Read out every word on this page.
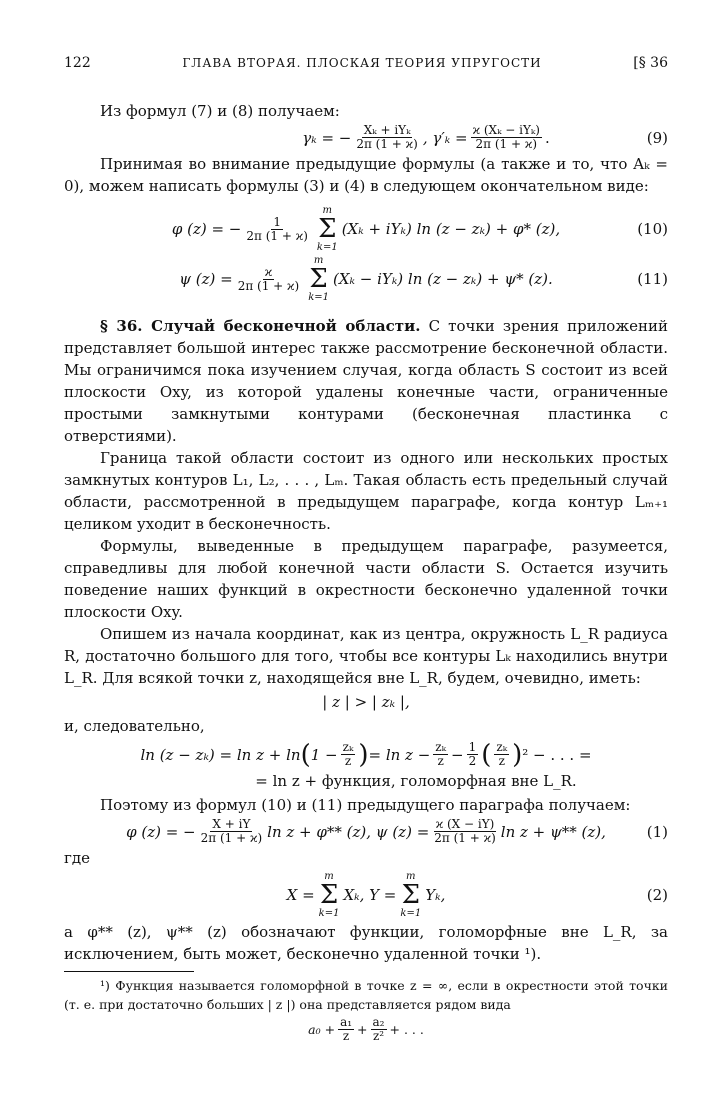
122	ГЛАВА ВТОРАЯ. ПЛОСКАЯ ТЕОРИЯ УПРУГОСТИ	[§ 36

Из формул (7) и (8) получаем:

γₖ = − $\frac{\text{Xₖ + iYₖ}}{2\pi (1 + ϰ)}$ , $\gamma'_k = \frac{\text{ϰ (Xₖ − iYₖ)}}{2\pi (1 + ϰ)}$ .	(9)

Принимая во внимание предыдущие формулы (а также и то, что Aₖ = 0), можем написать формулы (3) и (4) в следующем окончательном виде:

φ (z) = − $\frac{1}{2\pi (1 + ϰ)}$
m
Σ
k=1
(Xₖ + iYₖ) ln (z − zₖ) + φ* (z),	(10)
ψ $(z) = \frac{ϰ}{2\pi (1 + ϰ)}$
m
Σ
k=1
(Xₖ − iYₖ) ln (z − zₖ) + ψ* (z).	(11)

§ 36. Случай бесконечной области. С точки зрения приложений представляет большой интерес также рассмотрение бесконечной области. Мы ограничимся пока изучением случая, когда область S состоит из всей плоскости Oxy, из которой удалены конечные части, ограниченные простыми замкнутыми контурами (бесконечная пластинка с отверстиями).

Граница такой области состоит из одного или нескольких простых замкнутых контуров L₁, L₂, . . . , Lₘ. Такая область есть предельный случай области, рассмотренной в предыдущем параграфе, когда контур Lₘ₊₁ целиком уходит в бесконечность.

Формулы, выведенные в предыдущем параграфе, разумеется, справедливы для любой конечной части области S. Остается изучить поведение наших функций в окрестности бесконечно удаленной точки плоскости Oxy.

Опишем из начала координат, как из центра, окружность L_R радиуса R, достаточно большого для того, чтобы все контуры Lₖ находились внутри L_R. Для всякой точки z, находящейся вне L_R, будем, очевидно, иметь:

| z | > | zₖ |,

и, следовательно,

ln (z − zₖ) = ln z + ln ( $1 - \frac{\text{zₖ}}{z}$ ) = $\ln z - \frac{\text{zₖ}}{z} - \frac{1}{2}$ ( $\frac{\text{zₖ}}{z}$ ) ² − . . . =
= ln z + функция, голоморфная вне L_R.

Поэтому из формул (10) и (11) предыдущего параграфа получаем:

φ (z) = − $\frac{X + iY}{2\pi (1 + ϰ)}$ ln z + φ** (z), ψ $(z) = \frac{ϰ (X - iY)}{2\pi (1 + ϰ)}$ ln z + ψ** (z),	(1)

где

X =
m
Σ
k=1
Xₖ, Y =
m
Σ
k=1
Yₖ,	(2)

а φ** (z), ψ** (z) обозначают функции, голоморфные вне L_R, за исключением, быть может, бесконечно удаленной точки ¹).

¹) Функция называется голоморфной в точке z = ∞, если в окрестности этой точки (т. е. при достаточно больших | z |) она представляется рядом вида

$a_0 + \frac{\text{a₁}}{z} + \frac{\text{a₂}}{\text{z²}}$ + . . .
